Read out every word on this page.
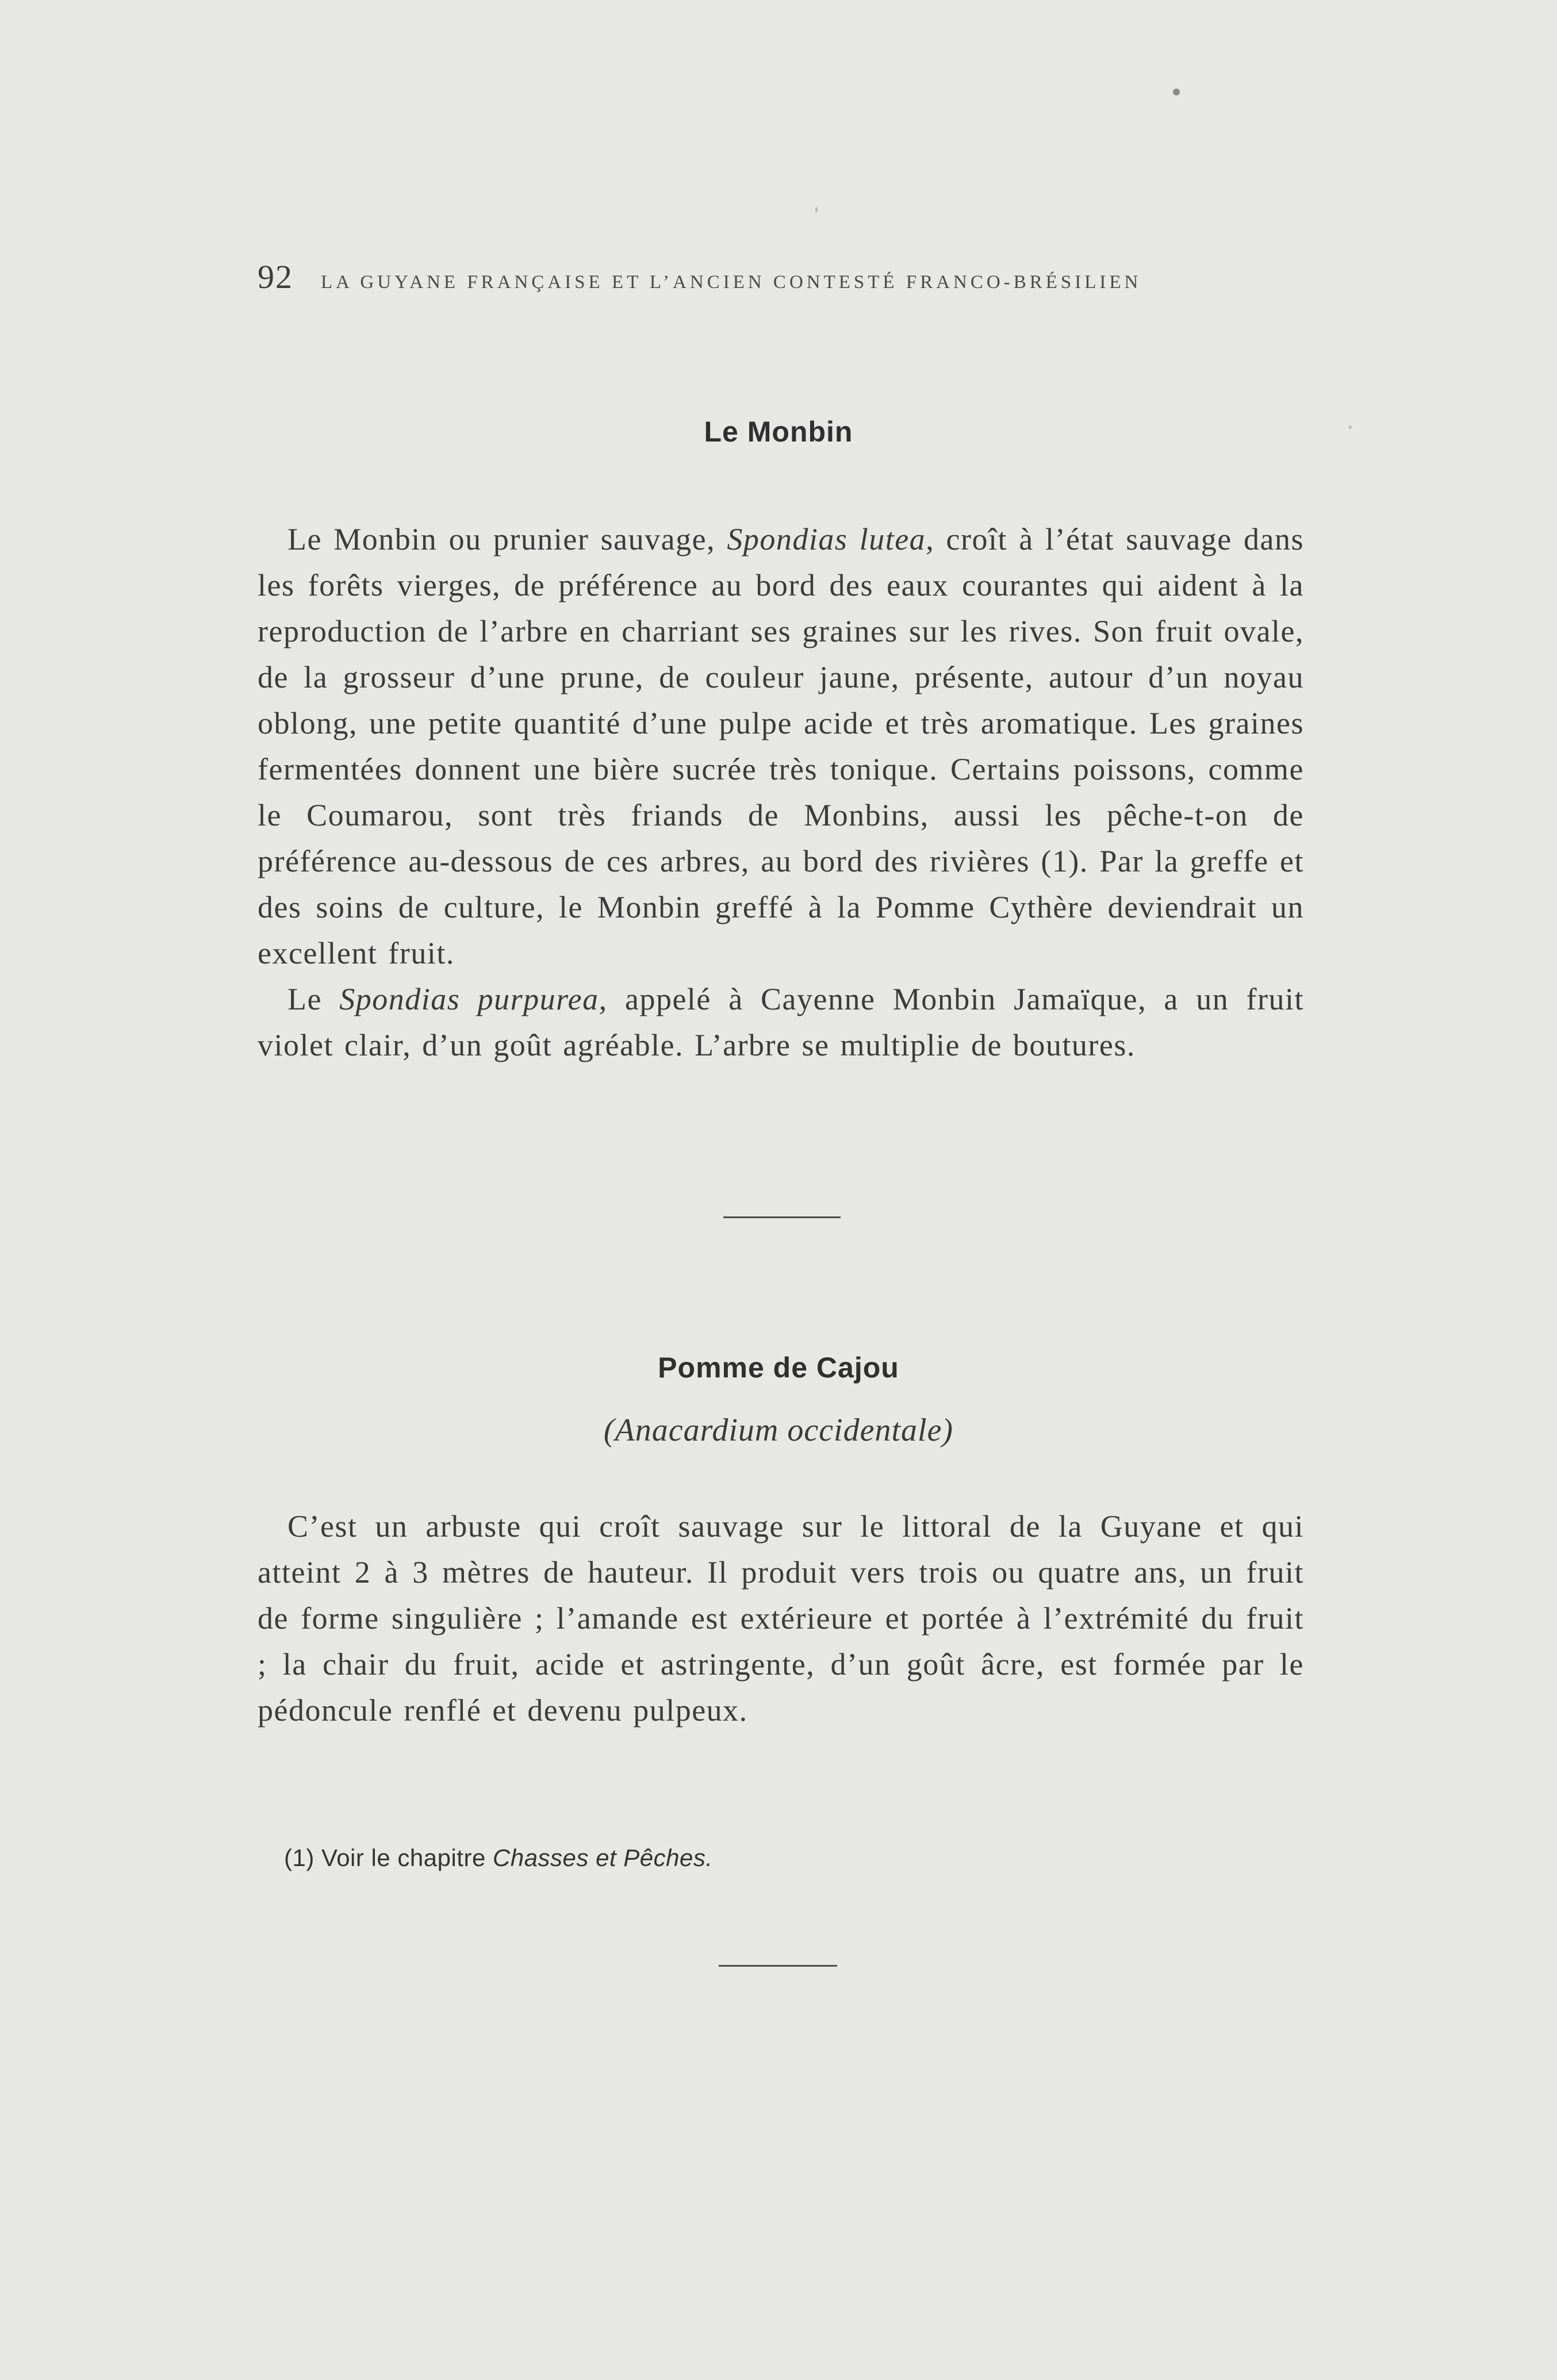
92 LA GUYANE FRANÇAISE ET L’ANCIEN CONTESTÉ FRANCO-BRÉSILIEN
Le Monbin

Le Monbin ou prunier sauvage, Spondias lutea, croît à l’état sauvage dans les forêts vierges, de préférence au bord des eaux courantes qui aident à la reproduction de l’arbre en charriant ses graines sur les rives. Son fruit ovale, de la grosseur d’une prune, de couleur jaune, présente, autour d’un noyau oblong, une petite quantité d’une pulpe acide et très aromatique. Les graines fermentées donnent une bière sucrée très tonique. Certains poissons, comme le Coumarou, sont très friands de Monbins, aussi les pêche-t-on de préférence au-dessous de ces arbres, au bord des rivières (1). Par la greffe et des soins de culture, le Monbin greffé à la Pomme Cythère deviendrait un excellent fruit.

Le Spondias purpurea, appelé à Cayenne Monbin Jamaïque, a un fruit violet clair, d’un goût agréable. L’arbre se multiplie de boutures.

Pomme de Cajou
(Anacardium occidentale)

C’est un arbuste qui croît sauvage sur le littoral de la Guyane et qui atteint 2 à 3 mètres de hauteur. Il produit vers trois ou quatre ans, un fruit de forme singulière ; l’amande est extérieure et portée à l’extrémité du fruit ; la chair du fruit, acide et astringente, d’un goût âcre, est formée par le pédoncule renflé et devenu pulpeux.

(1) Voir le chapitre Chasses et Pêches.
